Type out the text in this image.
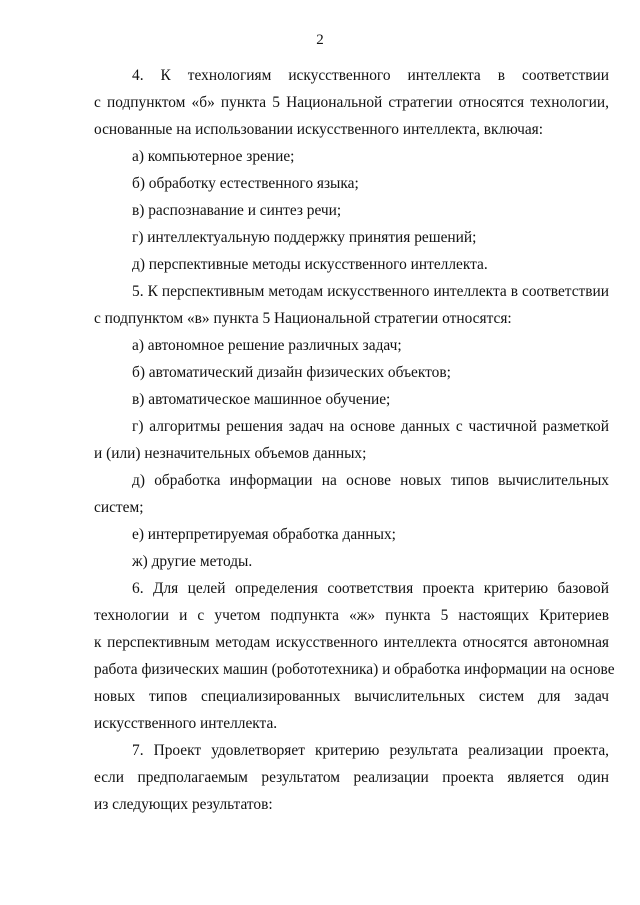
2
4. К технологиям искусственного интеллекта в соответствии
с подпунктом «б» пункта 5 Национальной стратегии относятся технологии,
основанные на использовании искусственного интеллекта, включая:
а) компьютерное зрение;
б) обработку естественного языка;
в) распознавание и синтез речи;
г) интеллектуальную поддержку принятия решений;
д) перспективные методы искусственного интеллекта.
5. К перспективным методам искусственного интеллекта в соответствии
с подпунктом «в» пункта 5 Национальной стратегии относятся:
а) автономное решение различных задач;
б) автоматический дизайн физических объектов;
в) автоматическое машинное обучение;
г) алгоритмы решения задач на основе данных с частичной разметкой
и (или) незначительных объемов данных;
д) обработка информации на основе новых типов вычислительных
систем;
е) интерпретируемая обработка данных;
ж) другие методы.
6. Для целей определения соответствия проекта критерию базовой
технологии и с учетом подпункта «ж» пункта 5 настоящих Критериев
к перспективным методам искусственного интеллекта относятся автономная
работа физических машин (робототехника) и обработка информации на основе
новых типов специализированных вычислительных систем для задач
искусственного интеллекта.
7. Проект удовлетворяет критерию результата реализации проекта,
если предполагаемым результатом реализации проекта является один
из следующих результатов:
